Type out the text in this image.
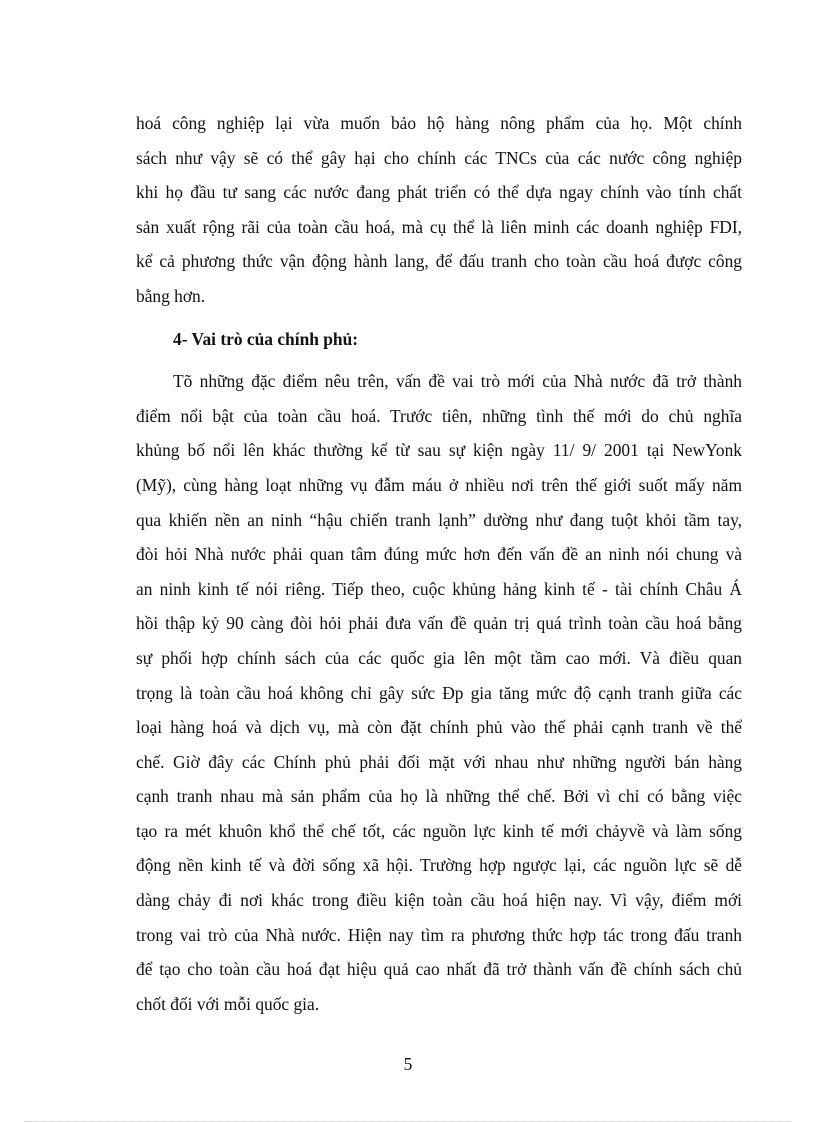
hoá công nghiệp lại vừa muốn bảo hộ hàng nông phẩm của họ. Một chính
sách như vậy sẽ có thể gây hại cho chính các TNCs của các nước công nghiệp
khi họ đầu tư sang các nước đang phát triển có thể dựa ngay chính vào tính chất
sản xuất rộng rãi của toàn cầu hoá, mà cụ thể là liên minh các doanh nghiệp FDI,
kể cả phương thức vận động hành lang, để đấu tranh cho toàn cầu hoá được công
bằng hơn.
4- Vai trò của chính phủ:
Tõ những đặc điểm nêu trên, vấn đề vai trò mới của Nhà nước đã trở thành
điểm nổi bật của toàn cầu hoá. Trước tiên, những tình thế mới do chủ nghĩa
khủng bố nổi lên khác thường kể từ sau sự kiện ngày 11/ 9/ 2001 tại NewYonk
(Mỹ), cùng hàng loạt những vụ đẫm máu ở nhiều nơi trên thế giới suốt mấy năm
qua khiến nền an ninh “hậu chiến tranh lạnh” dường như đang tuột khỏi tầm tay,
đòi hỏi Nhà nước phải quan tâm đúng mức hơn đến vấn đề an ninh nói chung và
an ninh kinh tế nói riêng. Tiếp theo, cuộc khủng hảng kinh tế - tài chính Châu Á
hồi thập kỷ 90 càng đòi hỏi phải đưa vấn đề quản trị quá trình toàn cầu hoá bằng
sự phối hợp chính sách của các quốc gia lên một tầm cao mới. Và điều quan
trọng là toàn cầu hoá không chỉ gây sức Đp gia tăng mức độ cạnh tranh giữa các
loại hàng hoá và dịch vụ, mà còn đặt chính phủ vào thế phải cạnh tranh về thể
chế. Giờ đây các Chính phủ phải đối mặt với nhau như những người bán hàng
cạnh tranh nhau mà sản phẩm của họ là những thể chế. Bởi vì chỉ có bằng việc
tạo ra mét khuôn khổ thể chế tốt, các nguồn lực kinh tế mới chảyvề và làm sống
động nền kinh tế và đời sống xã hội. Trường hợp ngược lại, các nguồn lực sẽ dễ
dàng chảy đi nơi khác trong điều kiện toàn cầu hoá hiện nay. Vì vậy, điểm mới
trong vai trò của Nhà nước. Hiện nay tìm ra phương thức hợp tác trong đấu tranh
để tạo cho toàn cầu hoá đạt hiệu quả cao nhất đã trở thành vấn đề chính sách chủ
chốt đối với mỗi quốc gia.
5
